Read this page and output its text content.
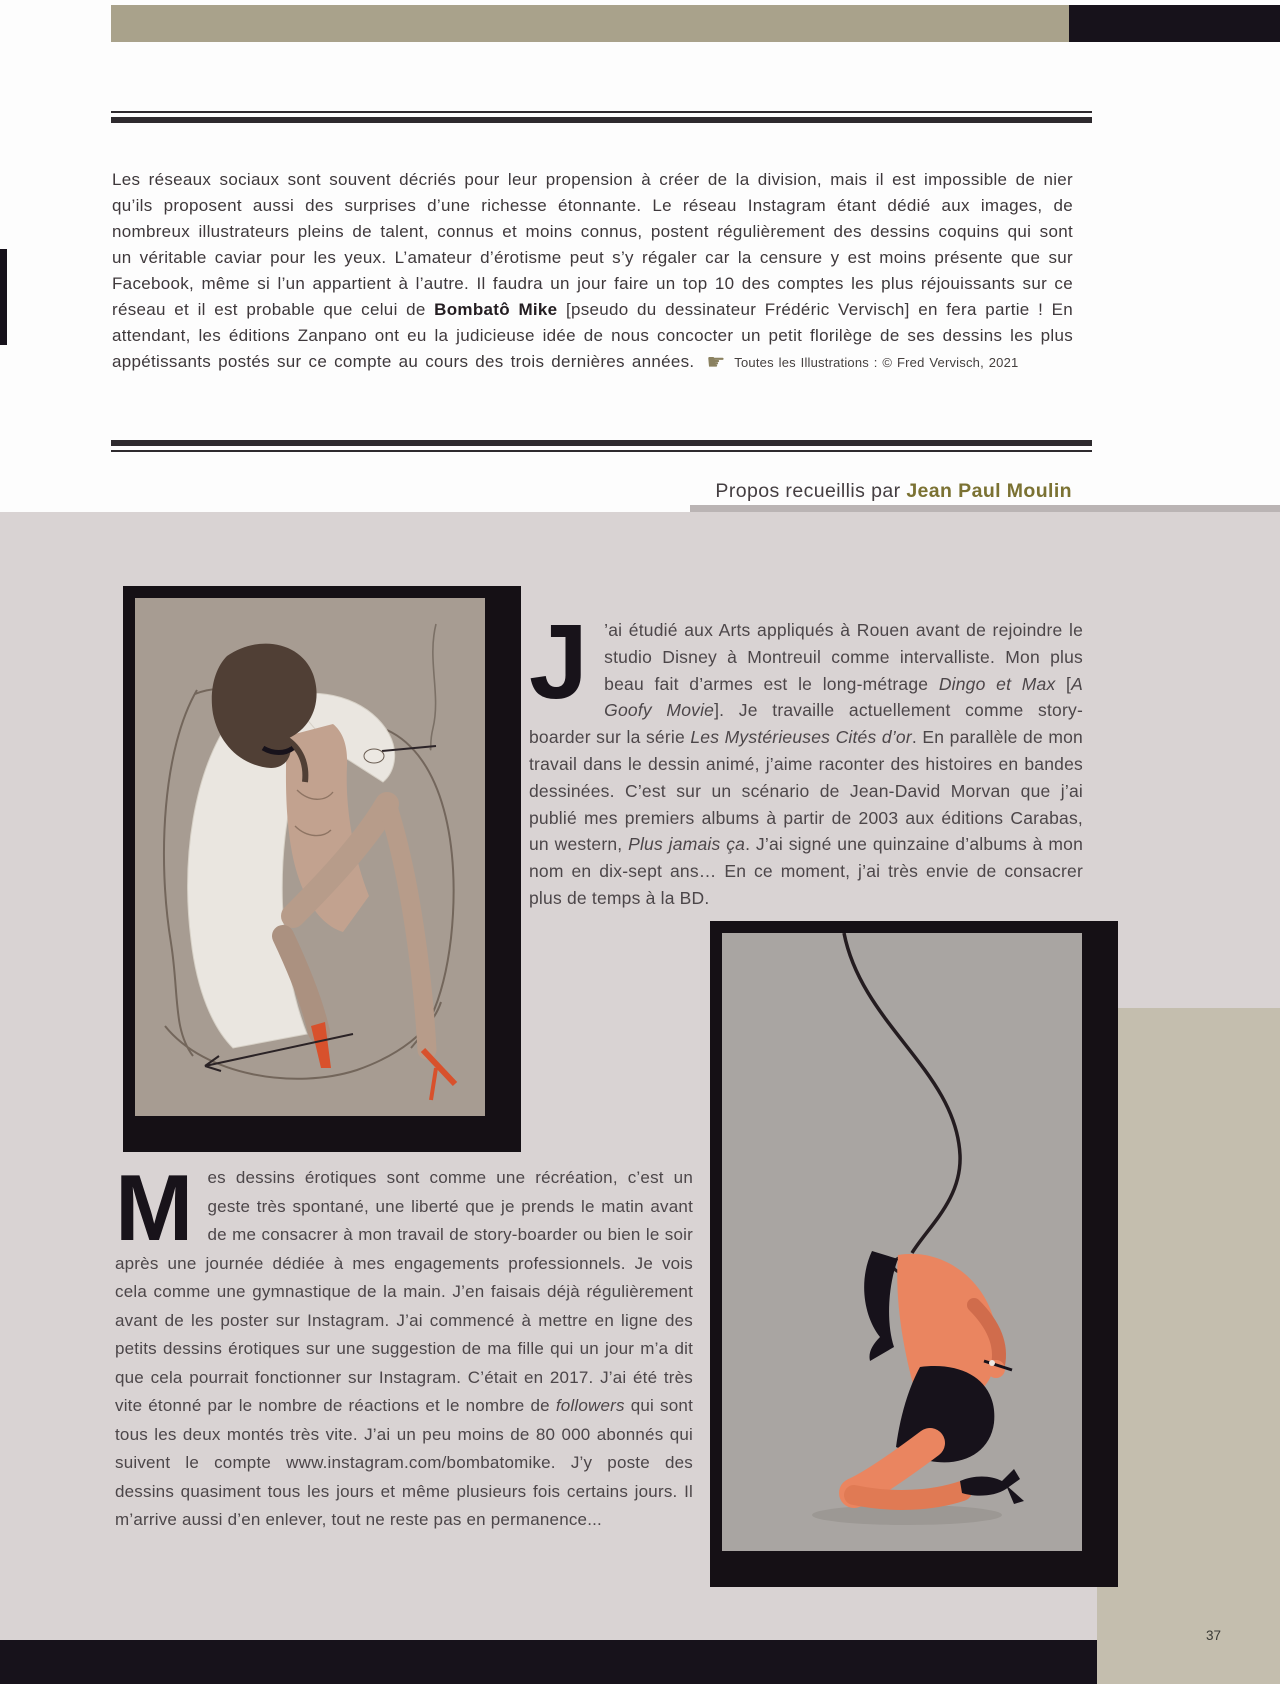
Les réseaux sociaux sont souvent décriés pour leur propension à créer de la division, mais il est impossible de nier qu’ils proposent aussi des surprises d’une richesse étonnante. Le réseau Instagram étant dédié aux images, de nombreux illustrateurs pleins de talent, connus et moins connus, postent régulièrement des dessins coquins qui sont un véritable caviar pour les yeux. L’amateur d’érotisme peut s’y régaler car la censure y est moins présente que sur Facebook, même si l’un appartient à l’autre. Il faudra un jour faire un top 10 des comptes les plus réjouissants sur ce réseau et il est probable que celui de Bombatô Mike [pseudo du dessinateur Frédéric Vervisch] en fera partie ! En attendant, les éditions Zanpano ont eu la judicieuse idée de nous concocter un petit florilège de ses dessins les plus appétissants postés sur ce compte au cours des trois dernières années. ☛ Toutes les Illustrations : © Fred Vervisch, 2021

Propos recueillis par Jean Paul Moulin
37
J ’ai étudié aux Arts appliqués à Rouen avant de rejoindre le studio Disney à Montreuil comme intervalliste. Mon plus beau fait d’armes est le long-métrage Dingo et Max [A Goofy Movie]. Je travaille actuellement comme story-boarder sur la série Les Mystérieuses Cités d’or. En parallèle de mon travail dans le dessin animé, j’aime raconter des histoires en bandes dessinées. C’est sur un scénario de Jean-David Morvan que j’ai publié mes premiers albums à partir de 2003 aux éditions Carabas, un western, Plus jamais ça. J’ai signé une quinzaine d’albums à mon nom en dix-sept ans… En ce moment, j’ai très envie de consacrer plus de temps à la BD.
Mes dessins érotiques sont comme une récréation, c’est un geste très spontané, une liberté que je prends le matin avant de me consacrer à mon travail de story-boarder ou bien le soir après une journée dédiée à mes engagements professionnels. Je vois cela comme une gymnastique de la main. J’en faisais déjà régulièrement avant de les poster sur Instagram. J’ai commencé à mettre en ligne des petits dessins érotiques sur une suggestion de ma fille qui un jour m’a dit que cela pourrait fonctionner sur Instagram. C’était en 2017. J’ai été très vite étonné par le nombre de réactions et le nombre de followers qui sont tous les deux montés très vite. J’ai un peu moins de 80 000 abonnés qui suivent le compte www.instagram.com/bombatomike. J’y poste des dessins quasiment tous les jours et même plusieurs fois certains jours. Il m’arrive aussi d’en enlever, tout ne reste pas en permanence...
